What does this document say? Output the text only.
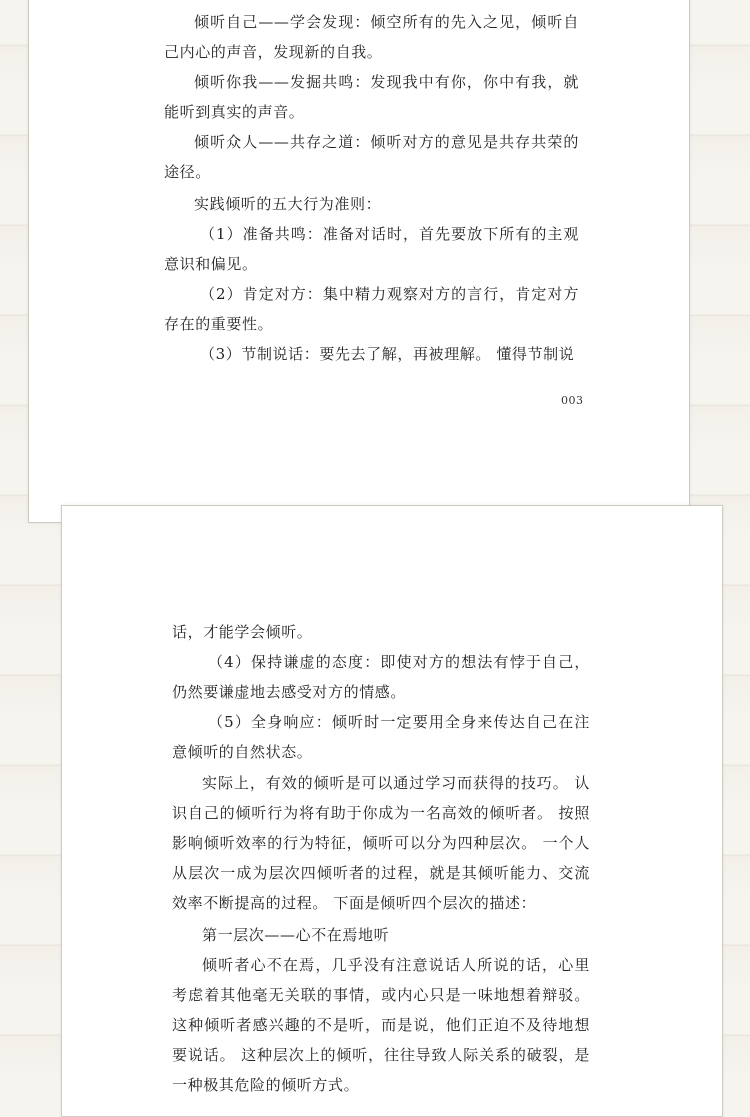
倾听自己——学会发现：倾空所有的先入之见，倾听自己内心的声音，发现新的自我。

倾听你我——发掘共鸣：发现我中有你，你中有我，就能听到真实的声音。

倾听众人——共存之道：倾听对方的意见是共存共荣的途径。

实践倾听的五大行为准则：

（1）准备共鸣：准备对话时，首先要放下所有的主观意识和偏见。

（2）肯定对方：集中精力观察对方的言行，肯定对方存在的重要性。

（3）节制说话：要先去了解，再被理解。 懂得节制说

003

话，才能学会倾听。

（4）保持谦虚的态度：即使对方的想法有悖于自己，仍然要谦虚地去感受对方的情感。

（5）全身响应：倾听时一定要用全身来传达自己在注意倾听的自然状态。

实际上，有效的倾听是可以通过学习而获得的技巧。 认识自己的倾听行为将有助于你成为一名高效的倾听者。 按照影响倾听效率的行为特征，倾听可以分为四种层次。 一个人从层次一成为层次四倾听者的过程，就是其倾听能力、交流效率不断提高的过程。 下面是倾听四个层次的描述：

第一层次——心不在焉地听

倾听者心不在焉，几乎没有注意说话人所说的话，心里考虑着其他毫无关联的事情，或内心只是一味地想着辩驳。这种倾听者感兴趣的不是听，而是说，他们正迫不及待地想要说话。 这种层次上的倾听，往往导致人际关系的破裂，是一种极其危险的倾听方式。
